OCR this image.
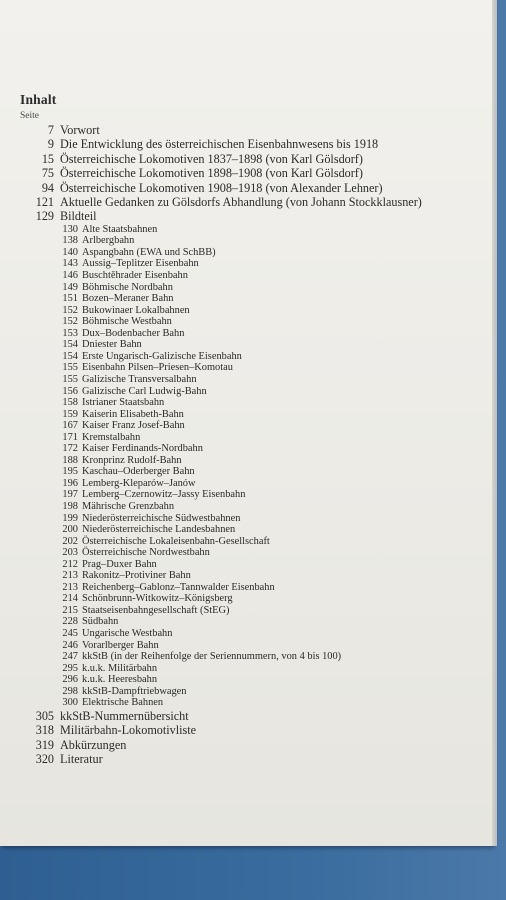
Inhalt
Seite
7 Vorwort
9 Die Entwicklung des österreichischen Eisenbahnwesens bis 1918
15 Österreichische Lokomotiven 1837–1898 (von Karl Gölsdorf)
75 Österreichische Lokomotiven 1898–1908 (von Karl Gölsdorf)
94 Österreichische Lokomotiven 1908–1918 (von Alexander Lehner)
121 Aktuelle Gedanken zu Gölsdorfs Abhandlung (von Johann Stockklausner)
129 Bildteil
130 Alte Staatsbahnen
138 Arlbergbahn
140 Aspangbahn (EWA und SchBB)
143 Aussig–Teplitzer Eisenbahn
146 Buschtěhrader Eisenbahn
149 Böhmische Nordbahn
151 Bozen–Meraner Bahn
152 Bukowinaer Lokalbahnen
152 Böhmische Westbahn
153 Dux–Bodenbacher Bahn
154 Dniester Bahn
154 Erste Ungarisch-Galizische Eisenbahn
155 Eisenbahn Pilsen–Priesen–Komotau
155 Galizische Transversalbahn
156 Galizische Carl Ludwig-Bahn
158 Istrianer Staatsbahn
159 Kaiserin Elisabeth-Bahn
167 Kaiser Franz Josef-Bahn
171 Kremstalbahn
172 Kaiser Ferdinands-Nordbahn
188 Kronprinz Rudolf-Bahn
195 Kaschau–Oderberger Bahn
196 Lemberg-Kleparów–Janów
197 Lemberg–Czernowitz–Jassy Eisenbahn
198 Mährische Grenzbahn
199 Niederösterreichische Südwestbahnen
200 Niederösterreichische Landesbahnen
202 Österreichische Lokaleisenbahn-Gesellschaft
203 Österreichische Nordwestbahn
212 Prag–Duxer Bahn
213 Rakonitz–Protiviner Bahn
213 Reichenberg–Gablonz–Tannwalder Eisenbahn
214 Schönbrunn-Witkowitz–Königsberg
215 Staatseisenbahngesellschaft (StEG)
228 Südbahn
245 Ungarische Westbahn
246 Vorarlberger Bahn
247 kkStB (in der Reihenfolge der Seriennummern, von 4 bis 100)
295 k.u.k. Militärbahn
296 k.u.k. Heeresbahn
298 kkStB-Dampftriebwagen
300 Elektrische Bahnen
305 kkStB-Nummernübersicht
318 Militärbahn-Lokomotivliste
319 Abkürzungen
320 Literatur
